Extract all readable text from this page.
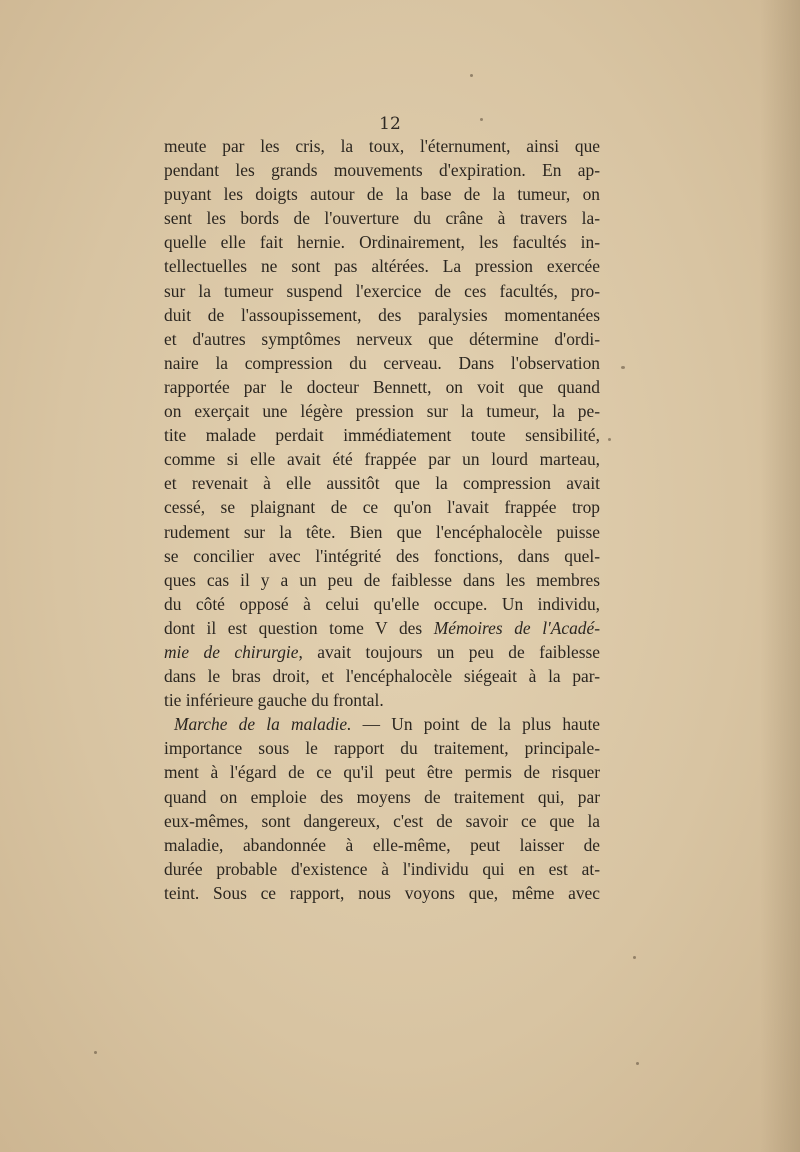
12
meute par les cris, la toux, l'éternument, ainsi que
pendant les grands mouvements d'expiration. En ap-
puyant les doigts autour de la base de la tumeur, on
sent les bords de l'ouverture du crâne à travers la-
quelle elle fait hernie. Ordinairement, les facultés in-
tellectuelles ne sont pas altérées. La pression exercée
sur la tumeur suspend l'exercice de ces facultés, pro-
duit de l'assoupissement, des paralysies momentanées
et d'autres symptômes nerveux que détermine d'ordi-
naire la compression du cerveau. Dans l'observation
rapportée par le docteur Bennett, on voit que quand
on exerçait une légère pression sur la tumeur, la pe-
tite malade perdait immédiatement toute sensibilité,
comme si elle avait été frappée par un lourd marteau,
et revenait à elle aussitôt que la compression avait
cessé, se plaignant de ce qu'on l'avait frappée trop
rudement sur la tête. Bien que l'encéphalocèle puisse
se concilier avec l'intégrité des fonctions, dans quel-
ques cas il y a un peu de faiblesse dans les membres
du côté opposé à celui qu'elle occupe. Un individu,
dont il est question tome V des Mémoires de l'Acadé-
mie de chirurgie, avait toujours un peu de faiblesse
dans le bras droit, et l'encéphalocèle siégeait à la par-
tie inférieure gauche du frontal.
Marche de la maladie. — Un point de la plus haute
importance sous le rapport du traitement, principale-
ment à l'égard de ce qu'il peut être permis de risquer
quand on emploie des moyens de traitement qui, par
eux-mêmes, sont dangereux, c'est de savoir ce que la
maladie, abandonnée à elle-même, peut laisser de
durée probable d'existence à l'individu qui en est at-
teint. Sous ce rapport, nous voyons que, même avec
